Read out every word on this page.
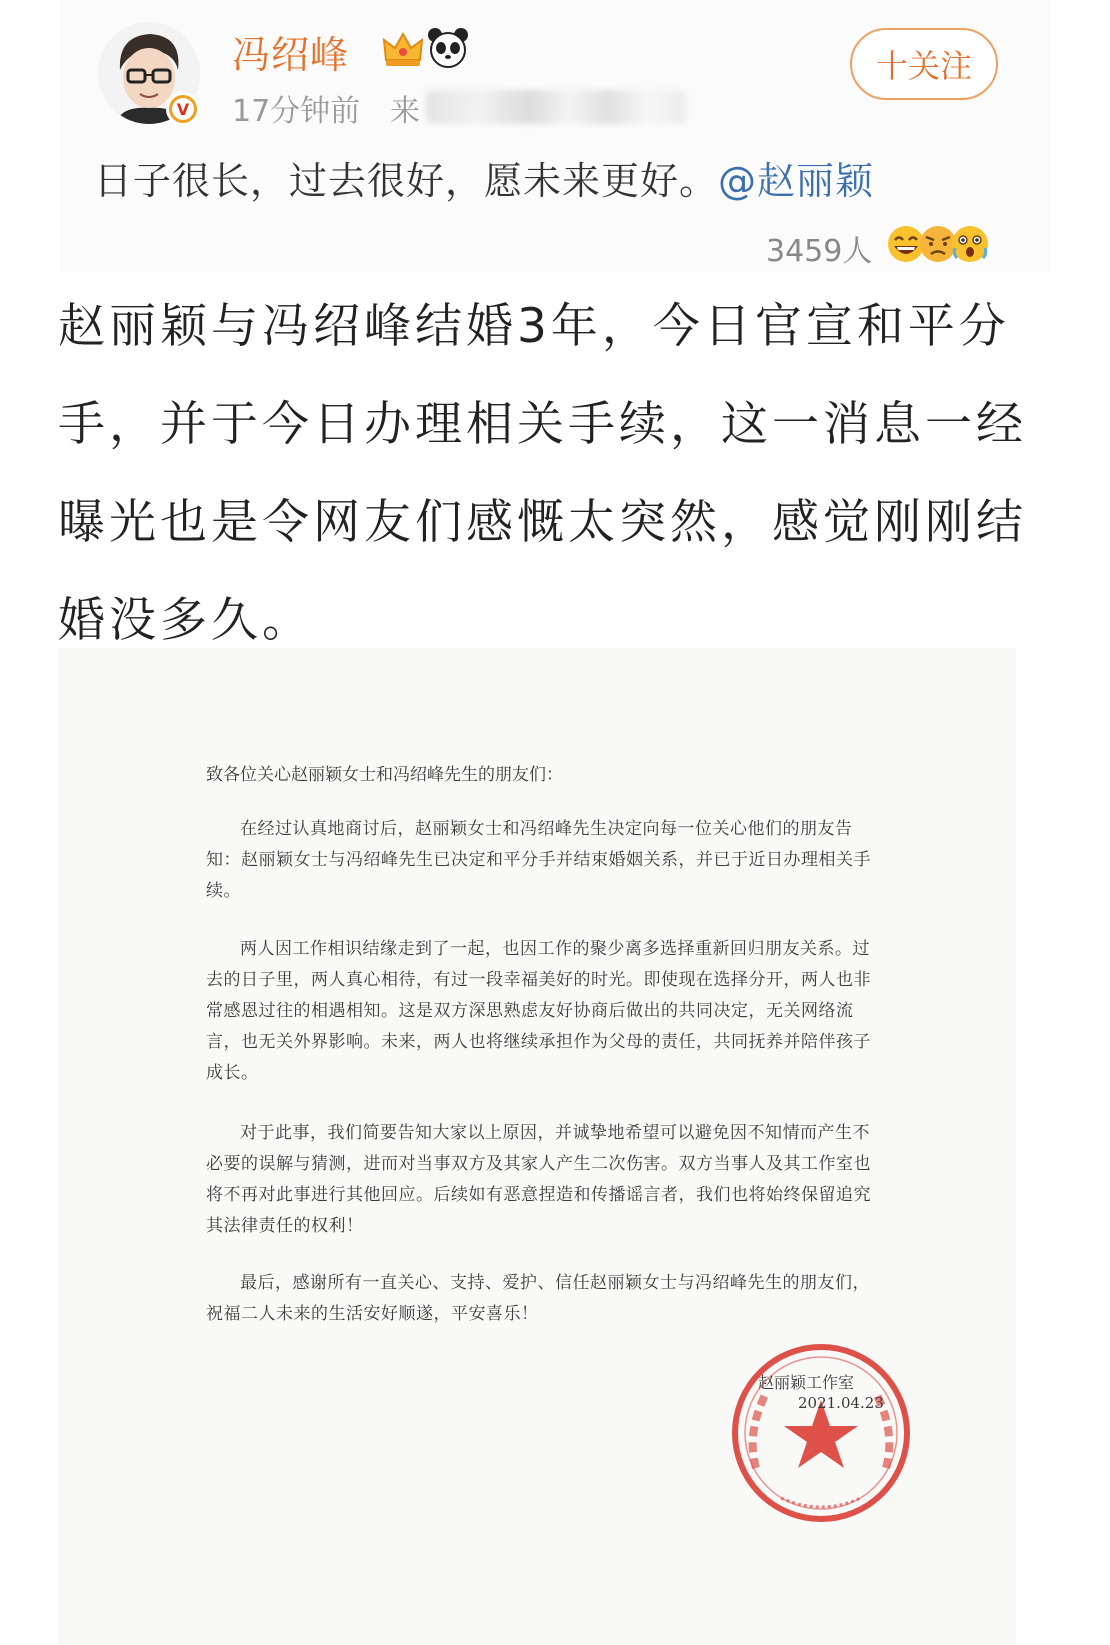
V
冯绍峰
17分钟前 来
十关注
日子很长，过去很好，愿未来更好。@赵丽颖
3459人
赵丽颖与冯绍峰结婚3年，今日官宣和平分手，并于今日办理相关手续，这一消息一经曝光也是令网友们感慨太突然，感觉刚刚结婚没多久。
致各位关心赵丽颖女士和冯绍峰先生的朋友们：
在经过认真地商讨后，赵丽颖女士和冯绍峰先生决定向每一位关心他们的朋友告知：赵丽颖女士与冯绍峰先生已决定和平分手并结束婚姻关系，并已于近日办理相关手续。
两人因工作相识结缘走到了一起，也因工作的聚少离多选择重新回归朋友关系。过去的日子里，两人真心相待，有过一段幸福美好的时光。即使现在选择分开，两人也非常感恩过往的相遇相知。这是双方深思熟虑友好协商后做出的共同决定，无关网络流言，也无关外界影响。未来，两人也将继续承担作为父母的责任，共同抚养并陪伴孩子成长。
对于此事，我们简要告知大家以上原因，并诚挚地希望可以避免因不知情而产生不必要的误解与猜测，进而对当事双方及其家人产生二次伤害。双方当事人及其工作室也将不再对此事进行其他回应。后续如有恶意捏造和传播谣言者，我们也将始终保留追究其法律责任的权利！
最后，感谢所有一直关心、支持、爱护、信任赵丽颖女士与冯绍峰先生的朋友们，祝福二人未来的生活安好顺遂，平安喜乐！
赵丽颖工作室
2021.04.23
